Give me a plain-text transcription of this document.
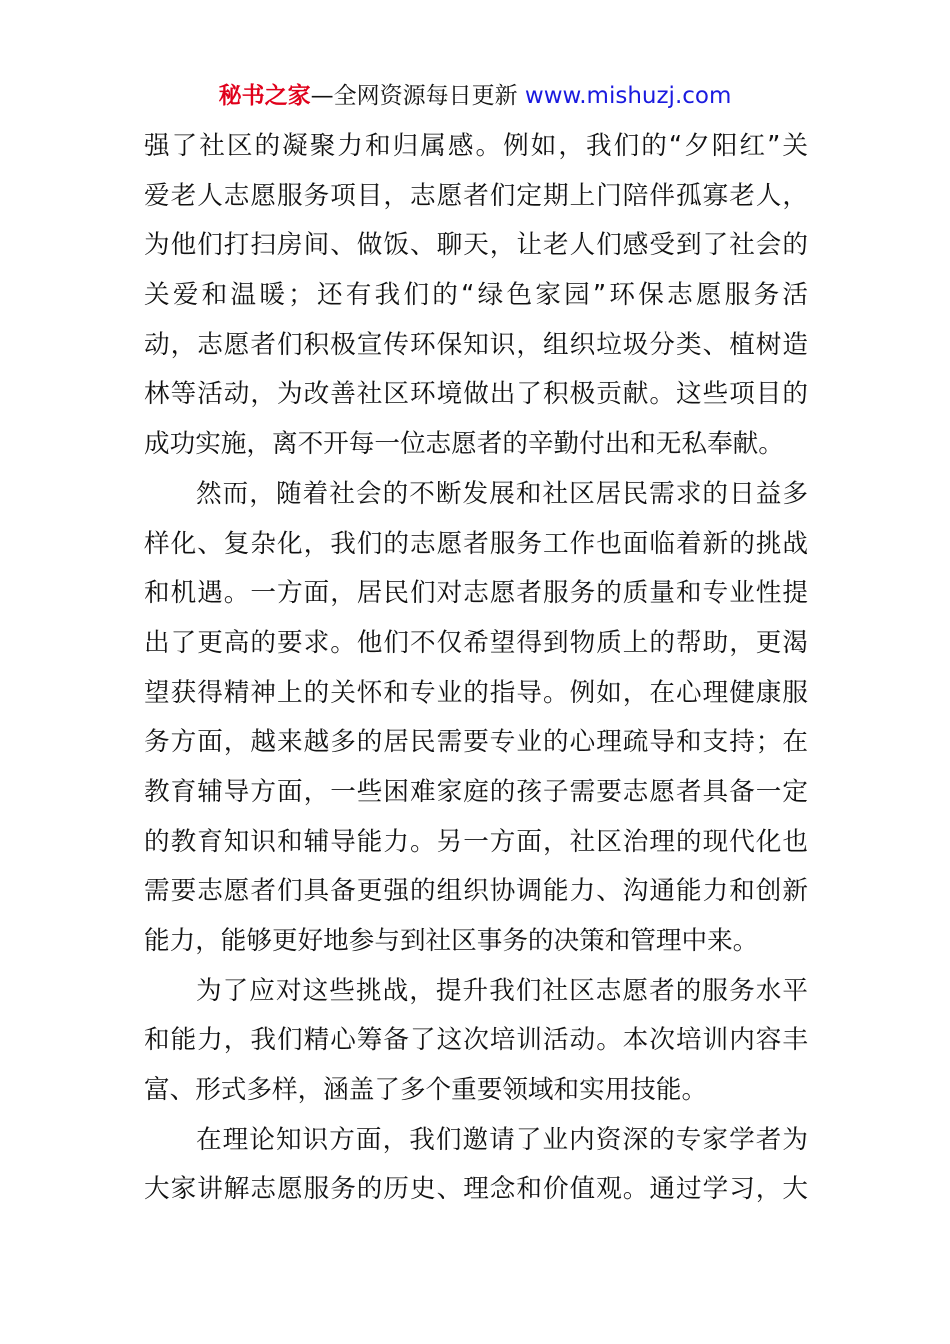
秘书之家—全网资源每日更新 www.mishuzj.com
强了社区的凝聚力和归属感。例如，我们的“夕阳红”关
爱老人志愿服务项目，志愿者们定期上门陪伴孤寡老人，
为他们打扫房间、做饭、聊天，让老人们感受到了社会的
关爱和温暖；还有我们的“绿色家园”环保志愿服务活
动，志愿者们积极宣传环保知识，组织垃圾分类、植树造
林等活动，为改善社区环境做出了积极贡献。这些项目的
成功实施，离不开每一位志愿者的辛勤付出和无私奉献。
然而，随着社会的不断发展和社区居民需求的日益多
样化、复杂化，我们的志愿者服务工作也面临着新的挑战
和机遇。一方面，居民们对志愿者服务的质量和专业性提
出了更高的要求。他们不仅希望得到物质上的帮助，更渴
望获得精神上的关怀和专业的指导。例如，在心理健康服
务方面，越来越多的居民需要专业的心理疏导和支持；在
教育辅导方面，一些困难家庭的孩子需要志愿者具备一定
的教育知识和辅导能力。另一方面，社区治理的现代化也
需要志愿者们具备更强的组织协调能力、沟通能力和创新
能力，能够更好地参与到社区事务的决策和管理中来。
为了应对这些挑战，提升我们社区志愿者的服务水平
和能力，我们精心筹备了这次培训活动。本次培训内容丰
富、形式多样，涵盖了多个重要领域和实用技能。
在理论知识方面，我们邀请了业内资深的专家学者为
大家讲解志愿服务的历史、理念和价值观。通过学习，大
